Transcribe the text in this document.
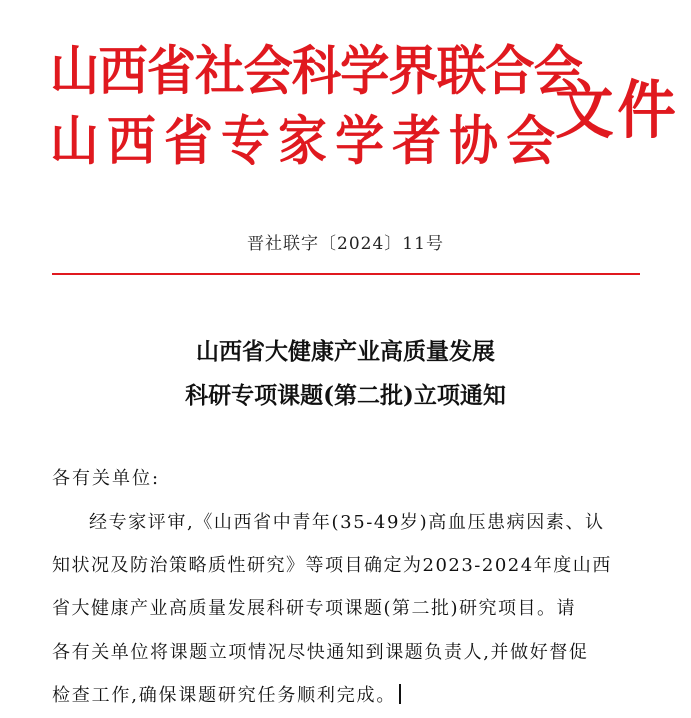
山西省社会科学界联合会
山西省专家学者协会
文件
晋社联字〔2024〕11号
山西省大健康产业高质量发展
科研专项课题(第二批)立项通知
各有关单位:
经专家评审,《山西省中青年(35-49岁)高血压患病因素、认
知状况及防治策略质性研究》等项目确定为2023-2024年度山西
省大健康产业高质量发展科研专项课题(第二批)研究项目。请
各有关单位将课题立项情况尽快通知到课题负责人,并做好督促
检查工作,确保课题研究任务顺利完成。
